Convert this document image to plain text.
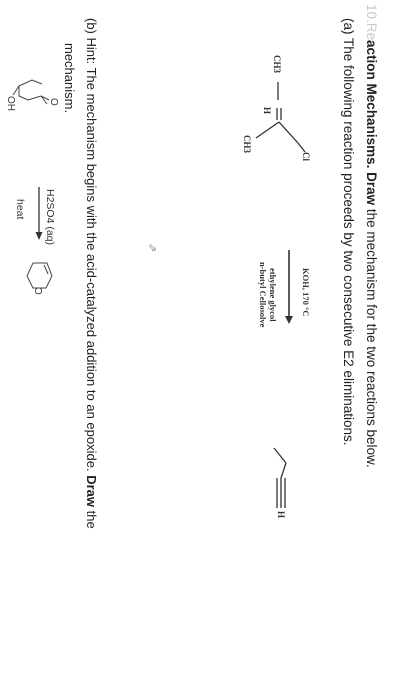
10.Reaction Mechanisms. Draw the mechanism for the two reactions below.
(a) The following reaction proceeds by two consecutive E2 eliminations.
CH3
Cl
H
CH3
KOH, 170 °C
ethylene glycol
n-butyl Cellosolve
H
(b) Hint: The mechanism begins with the acid-catalyzed addition to an epoxide. Draw the
mechanism.
O
OH
H2SO4 (aq)
heat
O
⇗
